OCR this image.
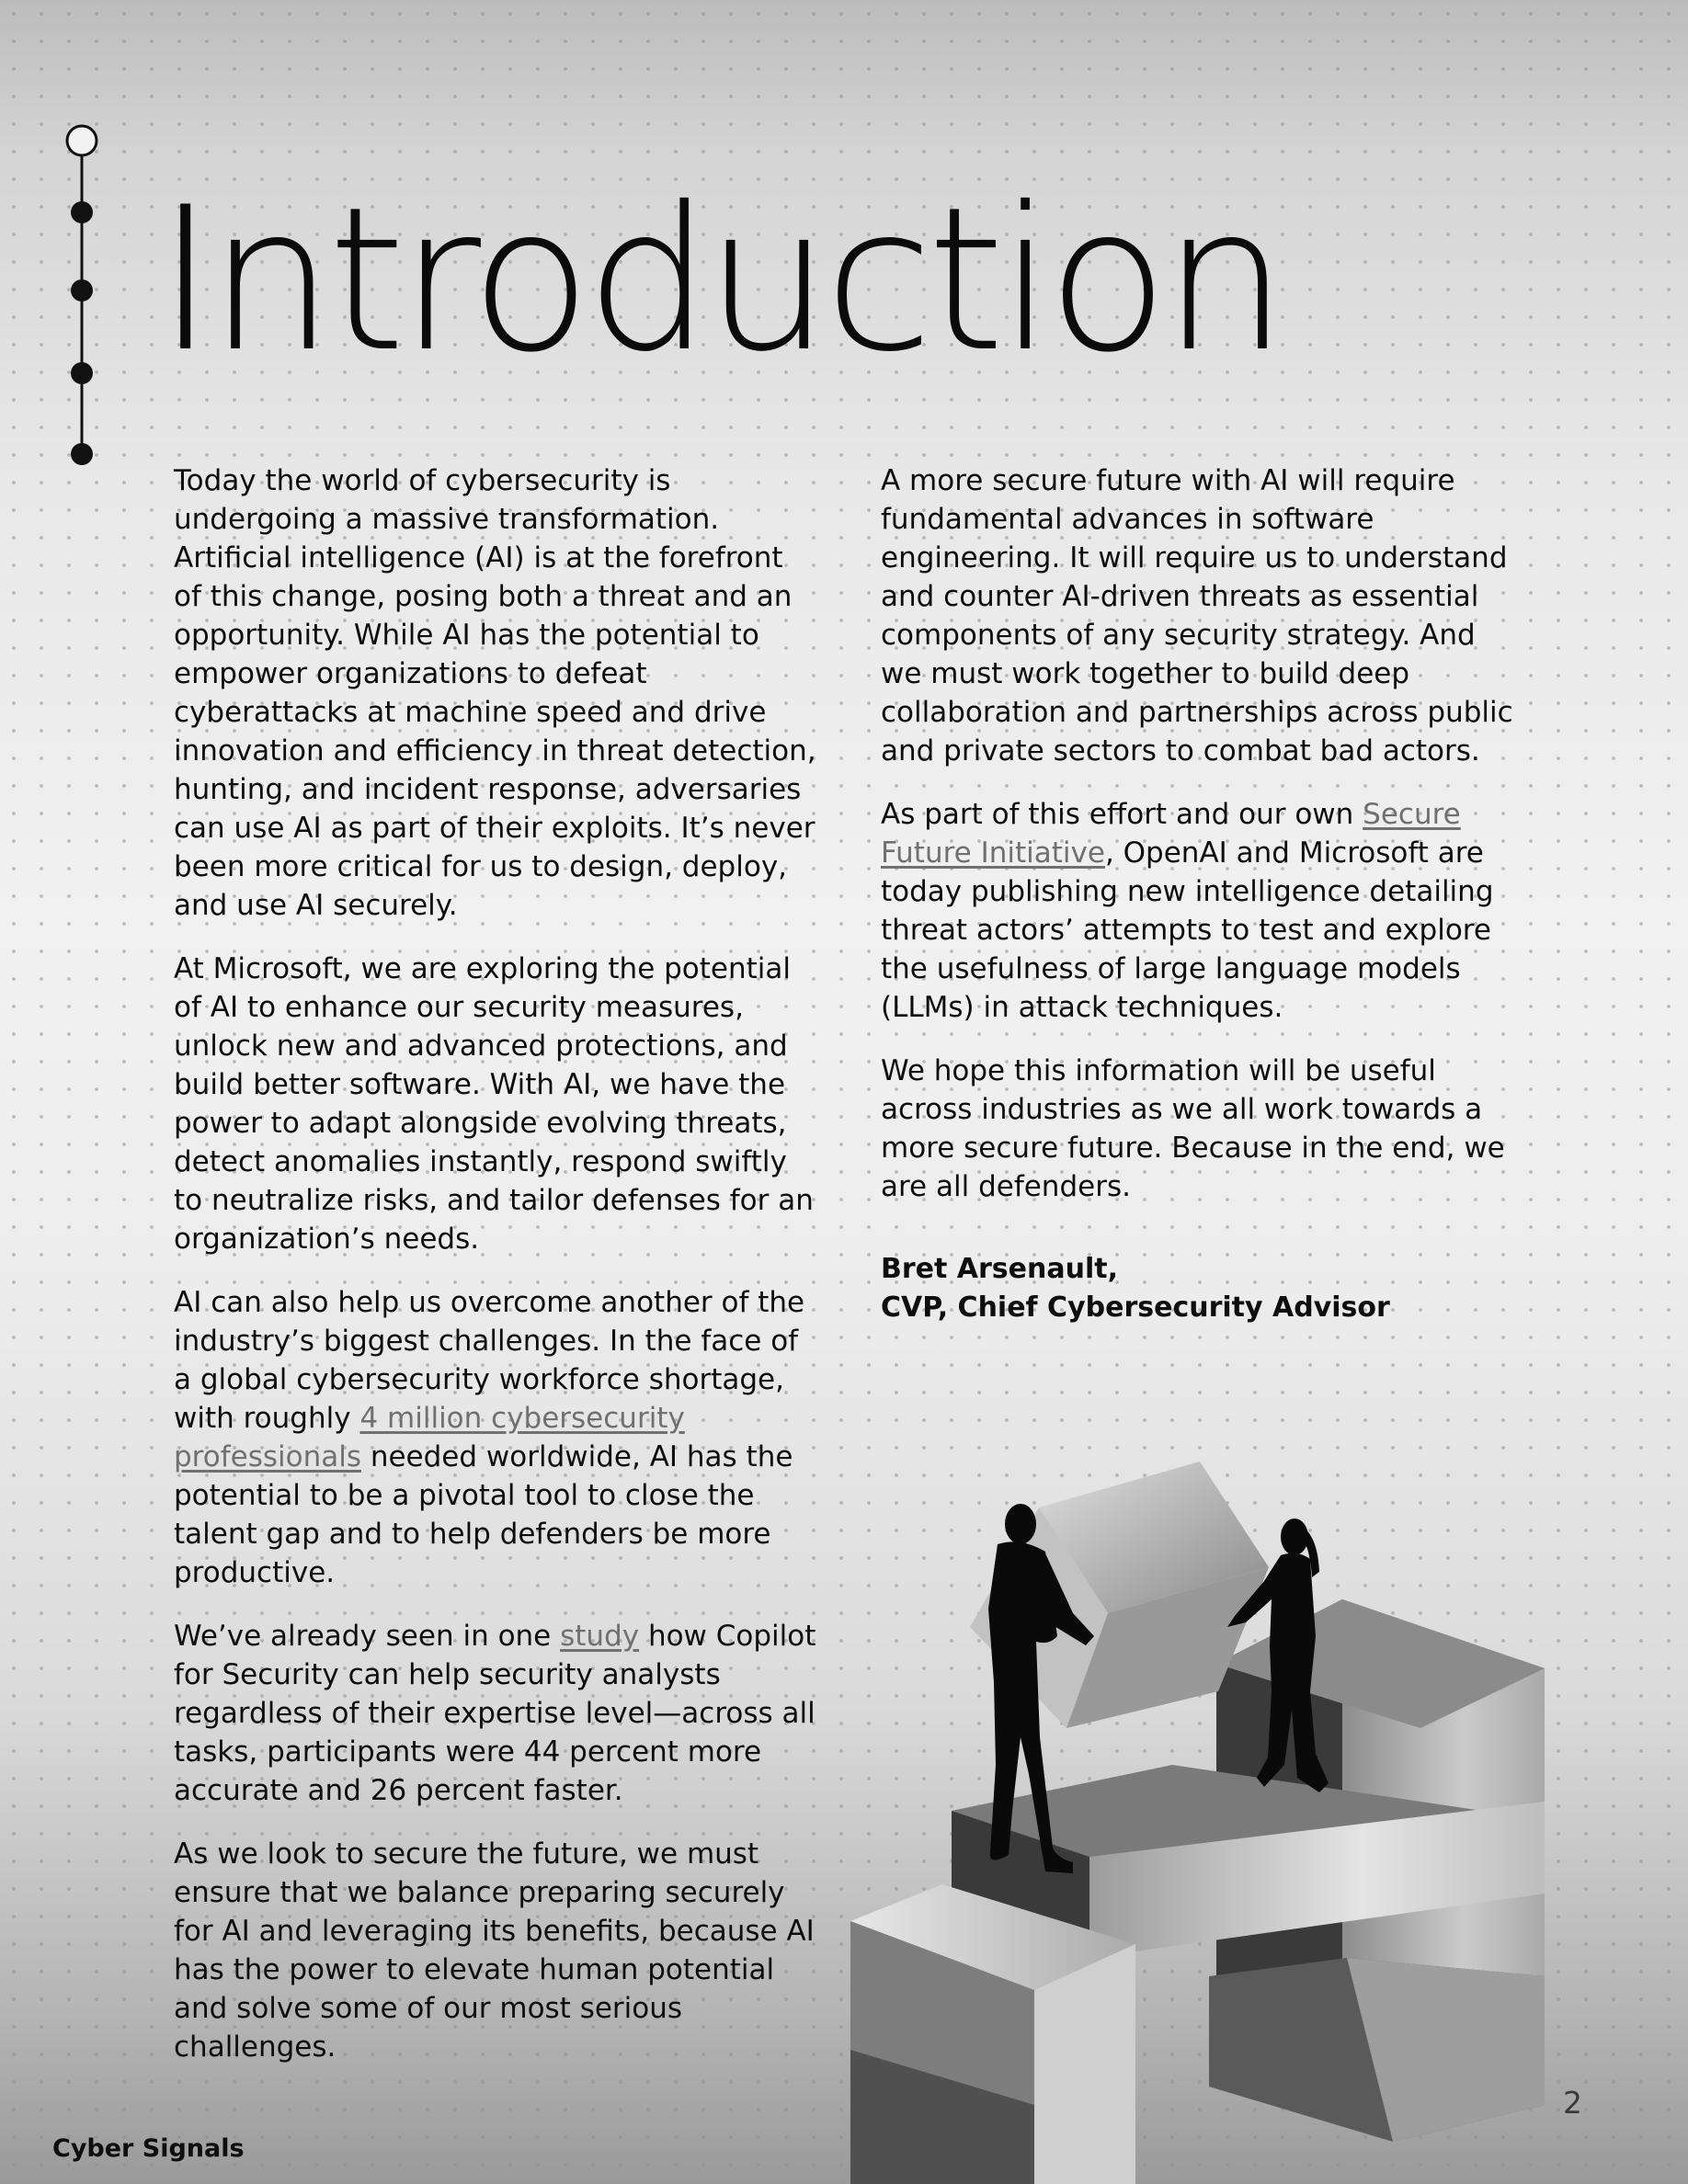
Introduction

Today the world of cybersecurity is undergoing a massive transformation. Artificial intelligence (AI) is at the forefront of this change, posing both a threat and an opportunity. While AI has the potential to empower organizations to defeat cyberattacks at machine speed and drive innovation and efficiency in threat detection, hunting, and incident response, adversaries can use AI as part of their exploits. It’s never been more critical for us to design, deploy, and use AI securely.

At Microsoft, we are exploring the potential of AI to enhance our security measures, unlock new and advanced protections, and build better software. With AI, we have the power to adapt alongside evolving threats, detect anomalies instantly, respond swiftly to neutralize risks, and tailor defenses for an organization’s needs.

AI can also help us overcome another of the industry’s biggest challenges. In the face of a global cybersecurity workforce shortage, with roughly 4 million cybersecurity professionals needed worldwide, AI has the potential to be a pivotal tool to close the talent gap and to help defenders be more productive.

We’ve already seen in one study how Copilot for Security can help security analysts regardless of their expertise level—across all tasks, participants were 44 percent more accurate and 26 percent faster.

As we look to secure the future, we must ensure that we balance preparing securely for AI and leveraging its benefits, because AI has the power to elevate human potential and solve some of our most serious challenges.

A more secure future with AI will require fundamental advances in software engineering. It will require us to understand and counter AI-driven threats as essential components of any security strategy. And we must work together to build deep collaboration and partnerships across public and private sectors to combat bad actors.

As part of this effort and our own Secure Future Initiative, OpenAI and Microsoft are today publishing new intelligence detailing threat actors’ attempts to test and explore the usefulness of large language models (LLMs) in attack techniques.

We hope this information will be useful across industries as we all work towards a more secure future. Because in the end, we are all defenders.

Bret Arsenault,
CVP, Chief Cybersecurity Advisor
Cyber Signals
2
